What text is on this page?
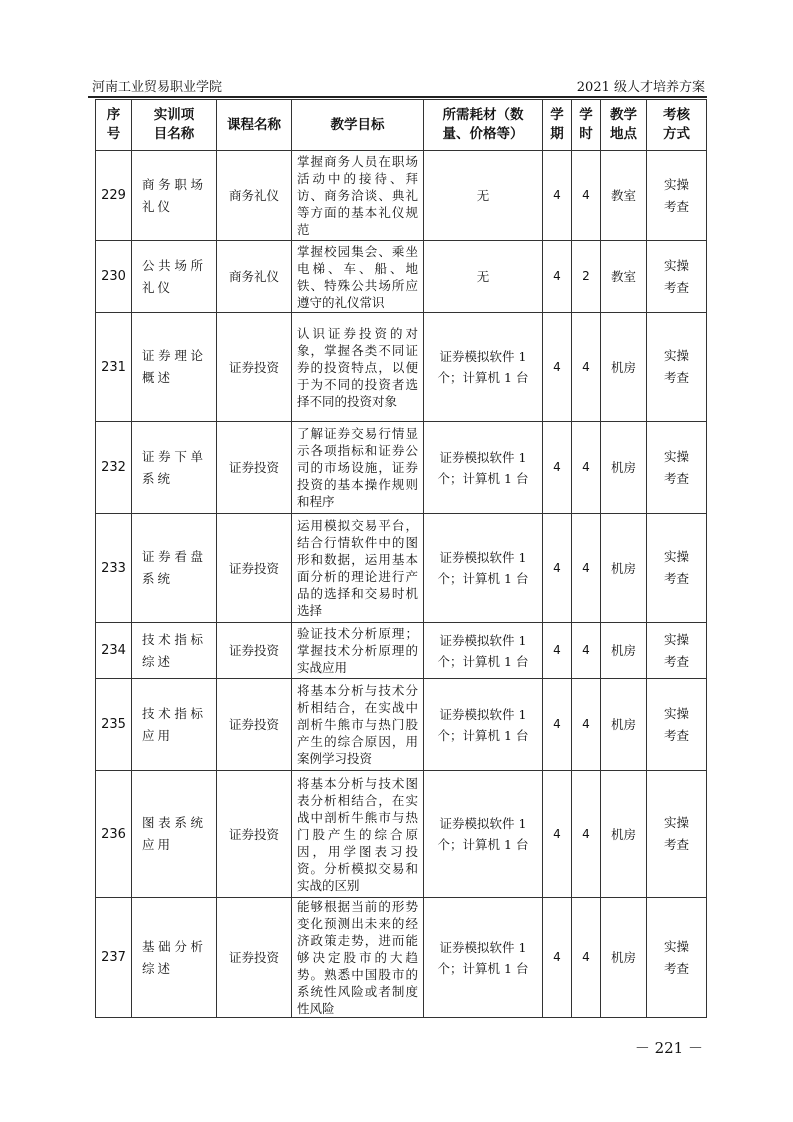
河南工业贸易职业学院	2021 级人才培养方案
序号	实训项目名称	课程名称	教学目标	所需耗材（数量、价格等）	学期	学时	教学地点	考核方式
229	商务职场礼仪	商务礼仪	掌握商务人员在职场活动中的接待、拜访、商务洽谈、典礼等方面的基本礼仪规范	无	4	4	教室	实操考查
230	公共场所礼仪	商务礼仪	掌握校园集会、乘坐电梯、车、船、地铁、特殊公共场所应遵守的礼仪常识	无	4	2	教室	实操考查
231	证券理论概述	证券投资	认识证券投资的对象，掌握各类不同证券的投资特点，以便于为不同的投资者选择不同的投资对象	证券模拟软件 1 个；计算机 1 台	4	4	机房	实操考查
232	证券下单系统	证券投资	了解证券交易行情显示各项指标和证券公司的市场设施，证券投资的基本操作规则和程序	证券模拟软件 1 个；计算机 1 台	4	4	机房	实操考查
233	证券看盘系统	证券投资	运用模拟交易平台，结合行情软件中的图形和数据，运用基本面分析的理论进行产品的选择和交易时机选择	证券模拟软件 1 个；计算机 1 台	4	4	机房	实操考查
234	技术指标综述	证券投资	验证技术分析原理；掌握技术分析原理的实战应用	证券模拟软件 1 个；计算机 1 台	4	4	机房	实操考查
235	技术指标应用	证券投资	将基本分析与技术分析相结合，在实战中剖析牛熊市与热门股产生的综合原因，用案例学习投资	证券模拟软件 1 个；计算机 1 台	4	4	机房	实操考查
236	图表系统应用	证券投资	将基本分析与技术图表分析相结合，在实战中剖析牛熊市与热门股产生的综合原因，用学图表习投资。分析模拟交易和实战的区别	证券模拟软件 1 个；计算机 1 台	4	4	机房	实操考查
237	基础分析综述	证券投资	能够根据当前的形势变化预测出未来的经济政策走势，进而能够决定股市的大趋势。熟悉中国股市的系统性风险或者制度性风险	证券模拟软件 1 个；计算机 1 台	4	4	机房	实操考查
－ 221 －
